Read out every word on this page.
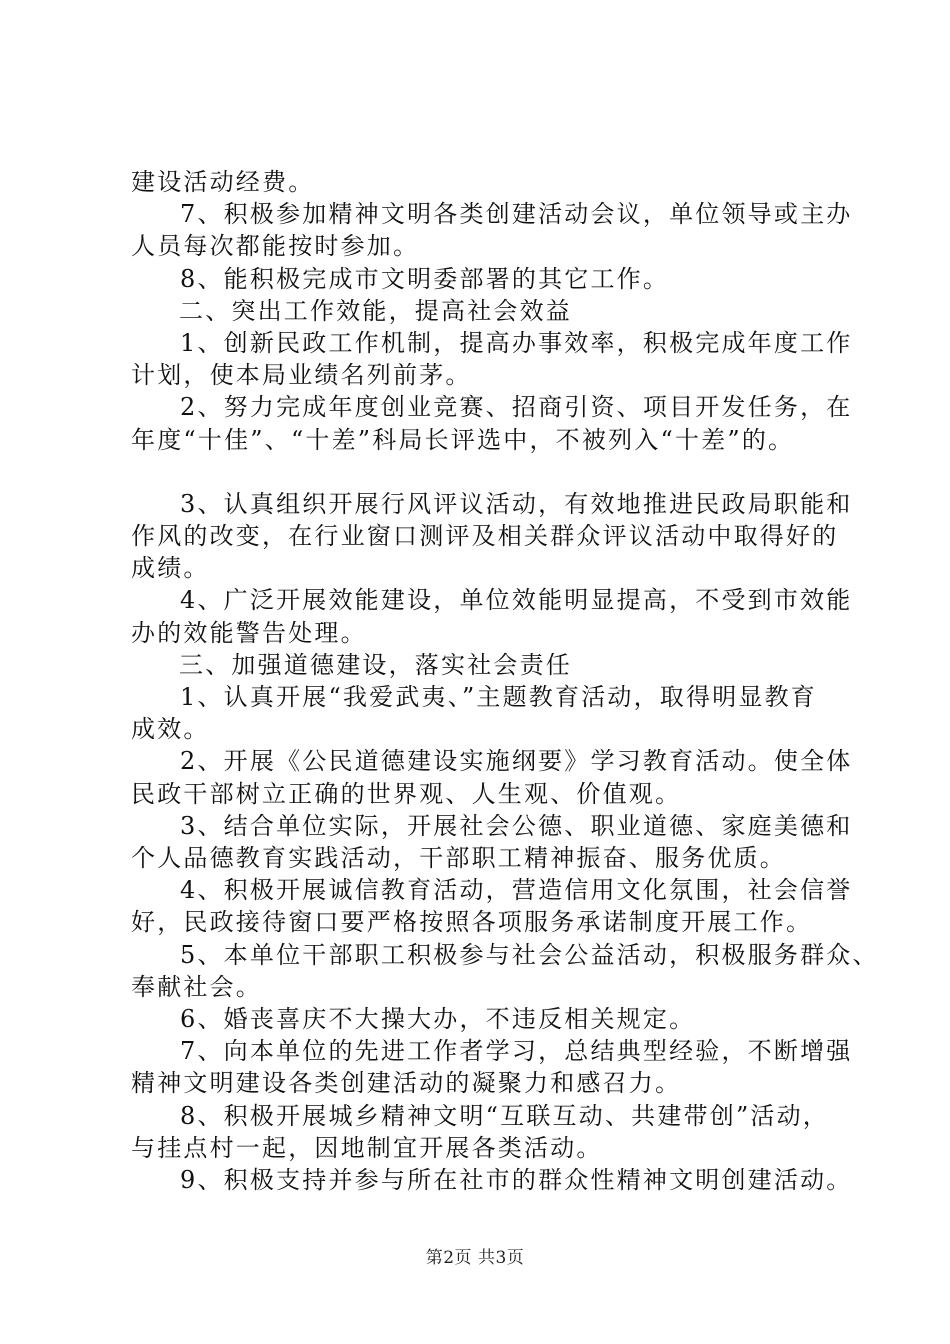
建设活动经费。
7、积极参加精神文明各类创建活动会议，单位领导或主办
人员每次都能按时参加。
8、能积极完成市文明委部署的其它工作。
二、突出工作效能，提高社会效益
1、创新民政工作机制，提高办事效率，积极完成年度工作
计划，使本局业绩名列前茅。
2、努力完成年度创业竞赛、招商引资、项目开发任务，在
年度“十佳”、“十差”科局长评选中，不被列入“十差”的。
3、认真组织开展行风评议活动，有效地推进民政局职能和
作风的改变，在行业窗口测评及相关群众评议活动中取得好的
成绩。
4、广泛开展效能建设，单位效能明显提高，不受到市效能
办的效能警告处理。
三、加强道德建设，落实社会责任
1、认真开展“我爱武夷、”主题教育活动，取得明显教育
成效。
2、开展《公民道德建设实施纲要》学习教育活动。使全体
民政干部树立正确的世界观、人生观、价值观。
3、结合单位实际，开展社会公德、职业道德、家庭美德和
个人品德教育实践活动，干部职工精神振奋、服务优质。
4、积极开展诚信教育活动，营造信用文化氛围，社会信誉
好，民政接待窗口要严格按照各项服务承诺制度开展工作。
5、本单位干部职工积极参与社会公益活动，积极服务群众、
奉献社会。
6、婚丧喜庆不大操大办，不违反相关规定。
7、向本单位的先进工作者学习，总结典型经验，不断增强
精神文明建设各类创建活动的凝聚力和感召力。
8、积极开展城乡精神文明“互联互动、共建带创”活动，
与挂点村一起，因地制宜开展各类活动。
9、积极支持并参与所在社市的群众性精神文明创建活动。
第2页 共3页
